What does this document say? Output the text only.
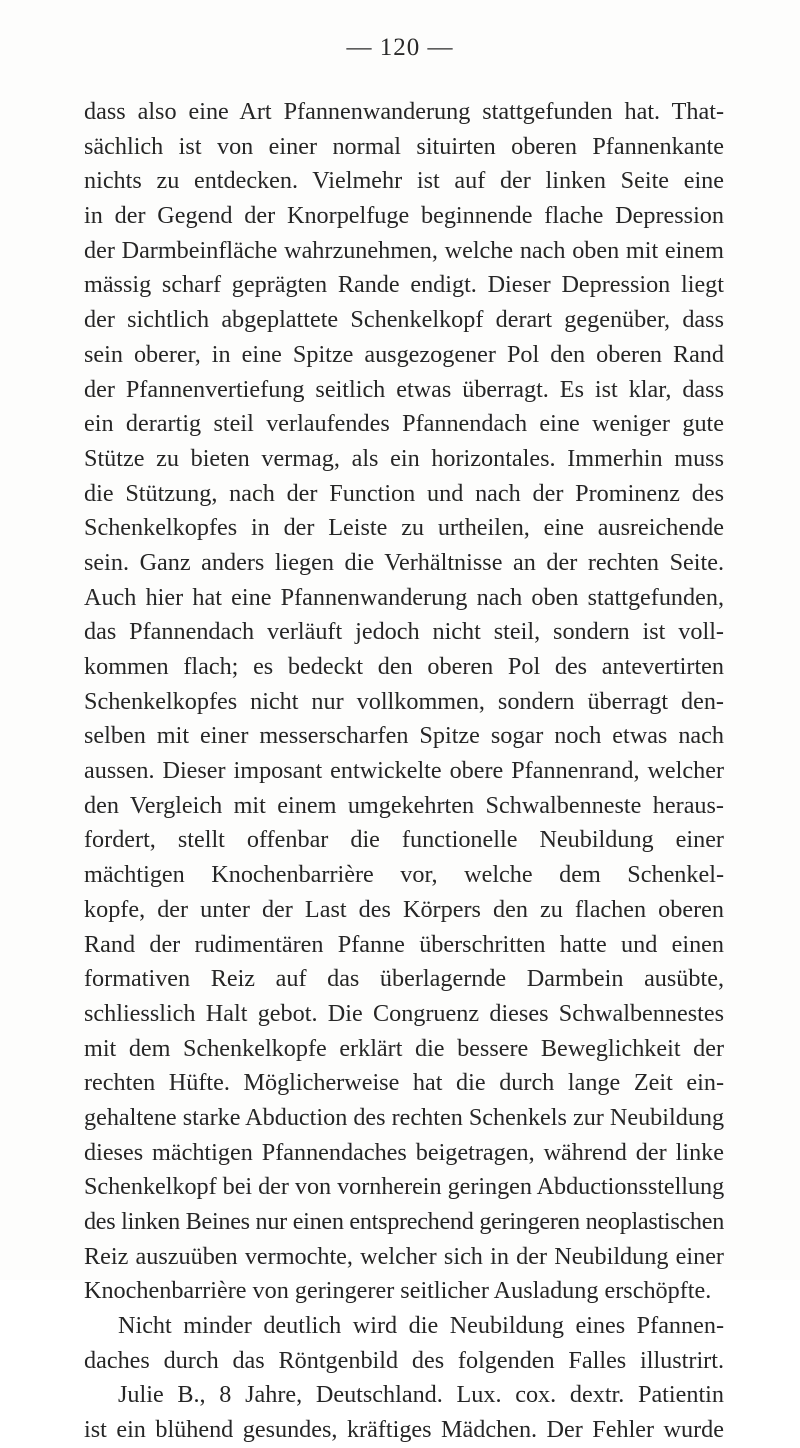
— 120 —
dass also eine Art Pfannenwanderung stattgefunden hat. That-
sächlich ist von einer normal situirten oberen Pfannenkante
nichts zu entdecken. Vielmehr ist auf der linken Seite eine
in der Gegend der Knorpelfuge beginnende flache Depression
der Darmbeinfläche wahrzunehmen, welche nach oben mit einem
mässig scharf geprägten Rande endigt. Dieser Depression liegt
der sichtlich abgeplattete Schenkelkopf derart gegenüber, dass
sein oberer, in eine Spitze ausgezogener Pol den oberen Rand
der Pfannenvertiefung seitlich etwas überragt. Es ist klar, dass
ein derartig steil verlaufendes Pfannendach eine weniger gute
Stütze zu bieten vermag, als ein horizontales. Immerhin muss
die Stützung, nach der Function und nach der Prominenz des
Schenkelkopfes in der Leiste zu urtheilen, eine ausreichende
sein. Ganz anders liegen die Verhältnisse an der rechten Seite.
Auch hier hat eine Pfannenwanderung nach oben stattgefunden,
das Pfannendach verläuft jedoch nicht steil, sondern ist voll-
kommen flach; es bedeckt den oberen Pol des antevertirten
Schenkelkopfes nicht nur vollkommen, sondern überragt den-
selben mit einer messerscharfen Spitze sogar noch etwas nach
aussen. Dieser imposant entwickelte obere Pfannenrand, welcher
den Vergleich mit einem umgekehrten Schwalbenneste heraus-
fordert, stellt offenbar die functionelle Neubildung einer
mächtigen Knochenbarrière vor, welche dem Schenkel-
kopfe, der unter der Last des Körpers den zu flachen oberen
Rand der rudimentären Pfanne überschritten hatte und einen
formativen Reiz auf das überlagernde Darmbein ausübte,
schliesslich Halt gebot. Die Congruenz dieses Schwalbennestes
mit dem Schenkelkopfe erklärt die bessere Beweglichkeit der
rechten Hüfte. Möglicherweise hat die durch lange Zeit ein-
gehaltene starke Abduction des rechten Schenkels zur Neubildung
dieses mächtigen Pfannendaches beigetragen, während der linke
Schenkelkopf bei der von vornherein geringen Abductionsstellung
des linken Beines nur einen entsprechend geringeren neoplastischen
Reiz auszuüben vermochte, welcher sich in der Neubildung einer
Knochenbarrière von geringerer seitlicher Ausladung erschöpfte.
Nicht minder deutlich wird die Neubildung eines Pfannen-
daches durch das Röntgenbild des folgenden Falles illustrirt.
Julie B., 8 Jahre, Deutschland. Lux. cox. dextr. Patientin
ist ein blühend gesundes, kräftiges Mädchen. Der Fehler wurde
